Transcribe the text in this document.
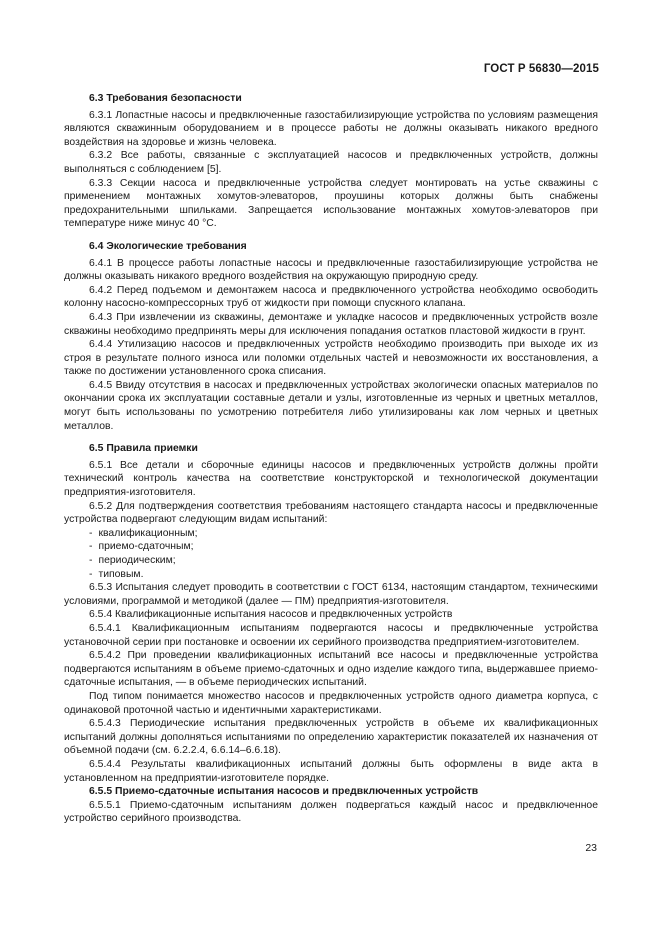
ГОСТ Р 56830—2015
6.3 Требования безопасности

6.3.1 Лопастные насосы и предвключенные газостабилизирующие устройства по условиям размещения являются скважинным оборудованием и в процессе работы не должны оказывать никакого вредного воздействия на здоровье и жизнь человека.

6.3.2 Все работы, связанные с эксплуатацией насосов и предвключенных устройств, должны выполняться с соблюдением [5].

6.3.3 Секции насоса и предвключенные устройства следует монтировать на устье скважины с применением монтажных хомутов-элеваторов, проушины которых должны быть снабжены предохранительными шпильками. Запрещается использование монтажных хомутов-элеваторов при температуре ниже минус 40 °С.

6.4 Экологические требования

6.4.1 В процессе работы лопастные насосы и предвключенные газостабилизирующие устройства не должны оказывать никакого вредного воздействия на окружающую природную среду.

6.4.2 Перед подъемом и демонтажем насоса и предвключенного устройства необходимо освободить колонну насосно-компрессорных труб от жидкости при помощи спускного клапана.

6.4.3 При извлечении из скважины, демонтаже и укладке насосов и предвключенных устройств возле скважины необходимо предпринять меры для исключения попадания остатков пластовой жидкости в грунт.

6.4.4 Утилизацию насосов и предвключенных устройств необходимо производить при выходе их из строя в результате полного износа или поломки отдельных частей и невозможности их восстановления, а также по достижении установленного срока списания.

6.4.5 Ввиду отсутствия в насосах и предвключенных устройствах экологически опасных материалов по окончании срока их эксплуатации составные детали и узлы, изготовленные из черных и цветных металлов, могут быть использованы по усмотрению потребителя либо утилизированы как лом черных и цветных металлов.

6.5 Правила приемки

6.5.1 Все детали и сборочные единицы насосов и предвключенных устройств должны пройти технический контроль качества на соответствие конструкторской и технологической документации предприятия-изготовителя.

6.5.2 Для подтверждения соответствия требованиям настоящего стандарта насосы и предвключенные устройства подвергают следующим видам испытаний:

- квалификационным;
- приемо-сдаточным;
- периодическим;
- типовым.

6.5.3 Испытания следует проводить в соответствии с ГОСТ 6134, настоящим стандартом, техническими условиями, программой и методикой (далее — ПМ) предприятия-изготовителя.

6.5.4 Квалификационные испытания насосов и предвключенных устройств

6.5.4.1 Квалификационным испытаниям подвергаются насосы и предвключенные устройства установочной серии при постановке и освоении их серийного производства предприятием-изготовителем.

6.5.4.2 При проведении квалификационных испытаний все насосы и предвключенные устройства подвергаются испытаниям в объеме приемо-сдаточных и одно изделие каждого типа, выдержавшее приемо-сдаточные испытания, — в объеме периодических испытаний.

Под типом понимается множество насосов и предвключенных устройств одного диаметра корпуса, с одинаковой проточной частью и идентичными характеристиками.

6.5.4.3 Периодические испытания предвключенных устройств в объеме их квалификационных испытаний должны дополняться испытаниями по определению характеристик показателей их назначения от объемной подачи (см. 6.2.2.4, 6.6.14–6.6.18).

6.5.4.4 Результаты квалификационных испытаний должны быть оформлены в виде акта в установленном на предприятии-изготовителе порядке.

6.5.5 Приемо-сдаточные испытания насосов и предвключенных устройств

6.5.5.1 Приемо-сдаточным испытаниям должен подвергаться каждый насос и предвключенное устройство серийного производства.

23
